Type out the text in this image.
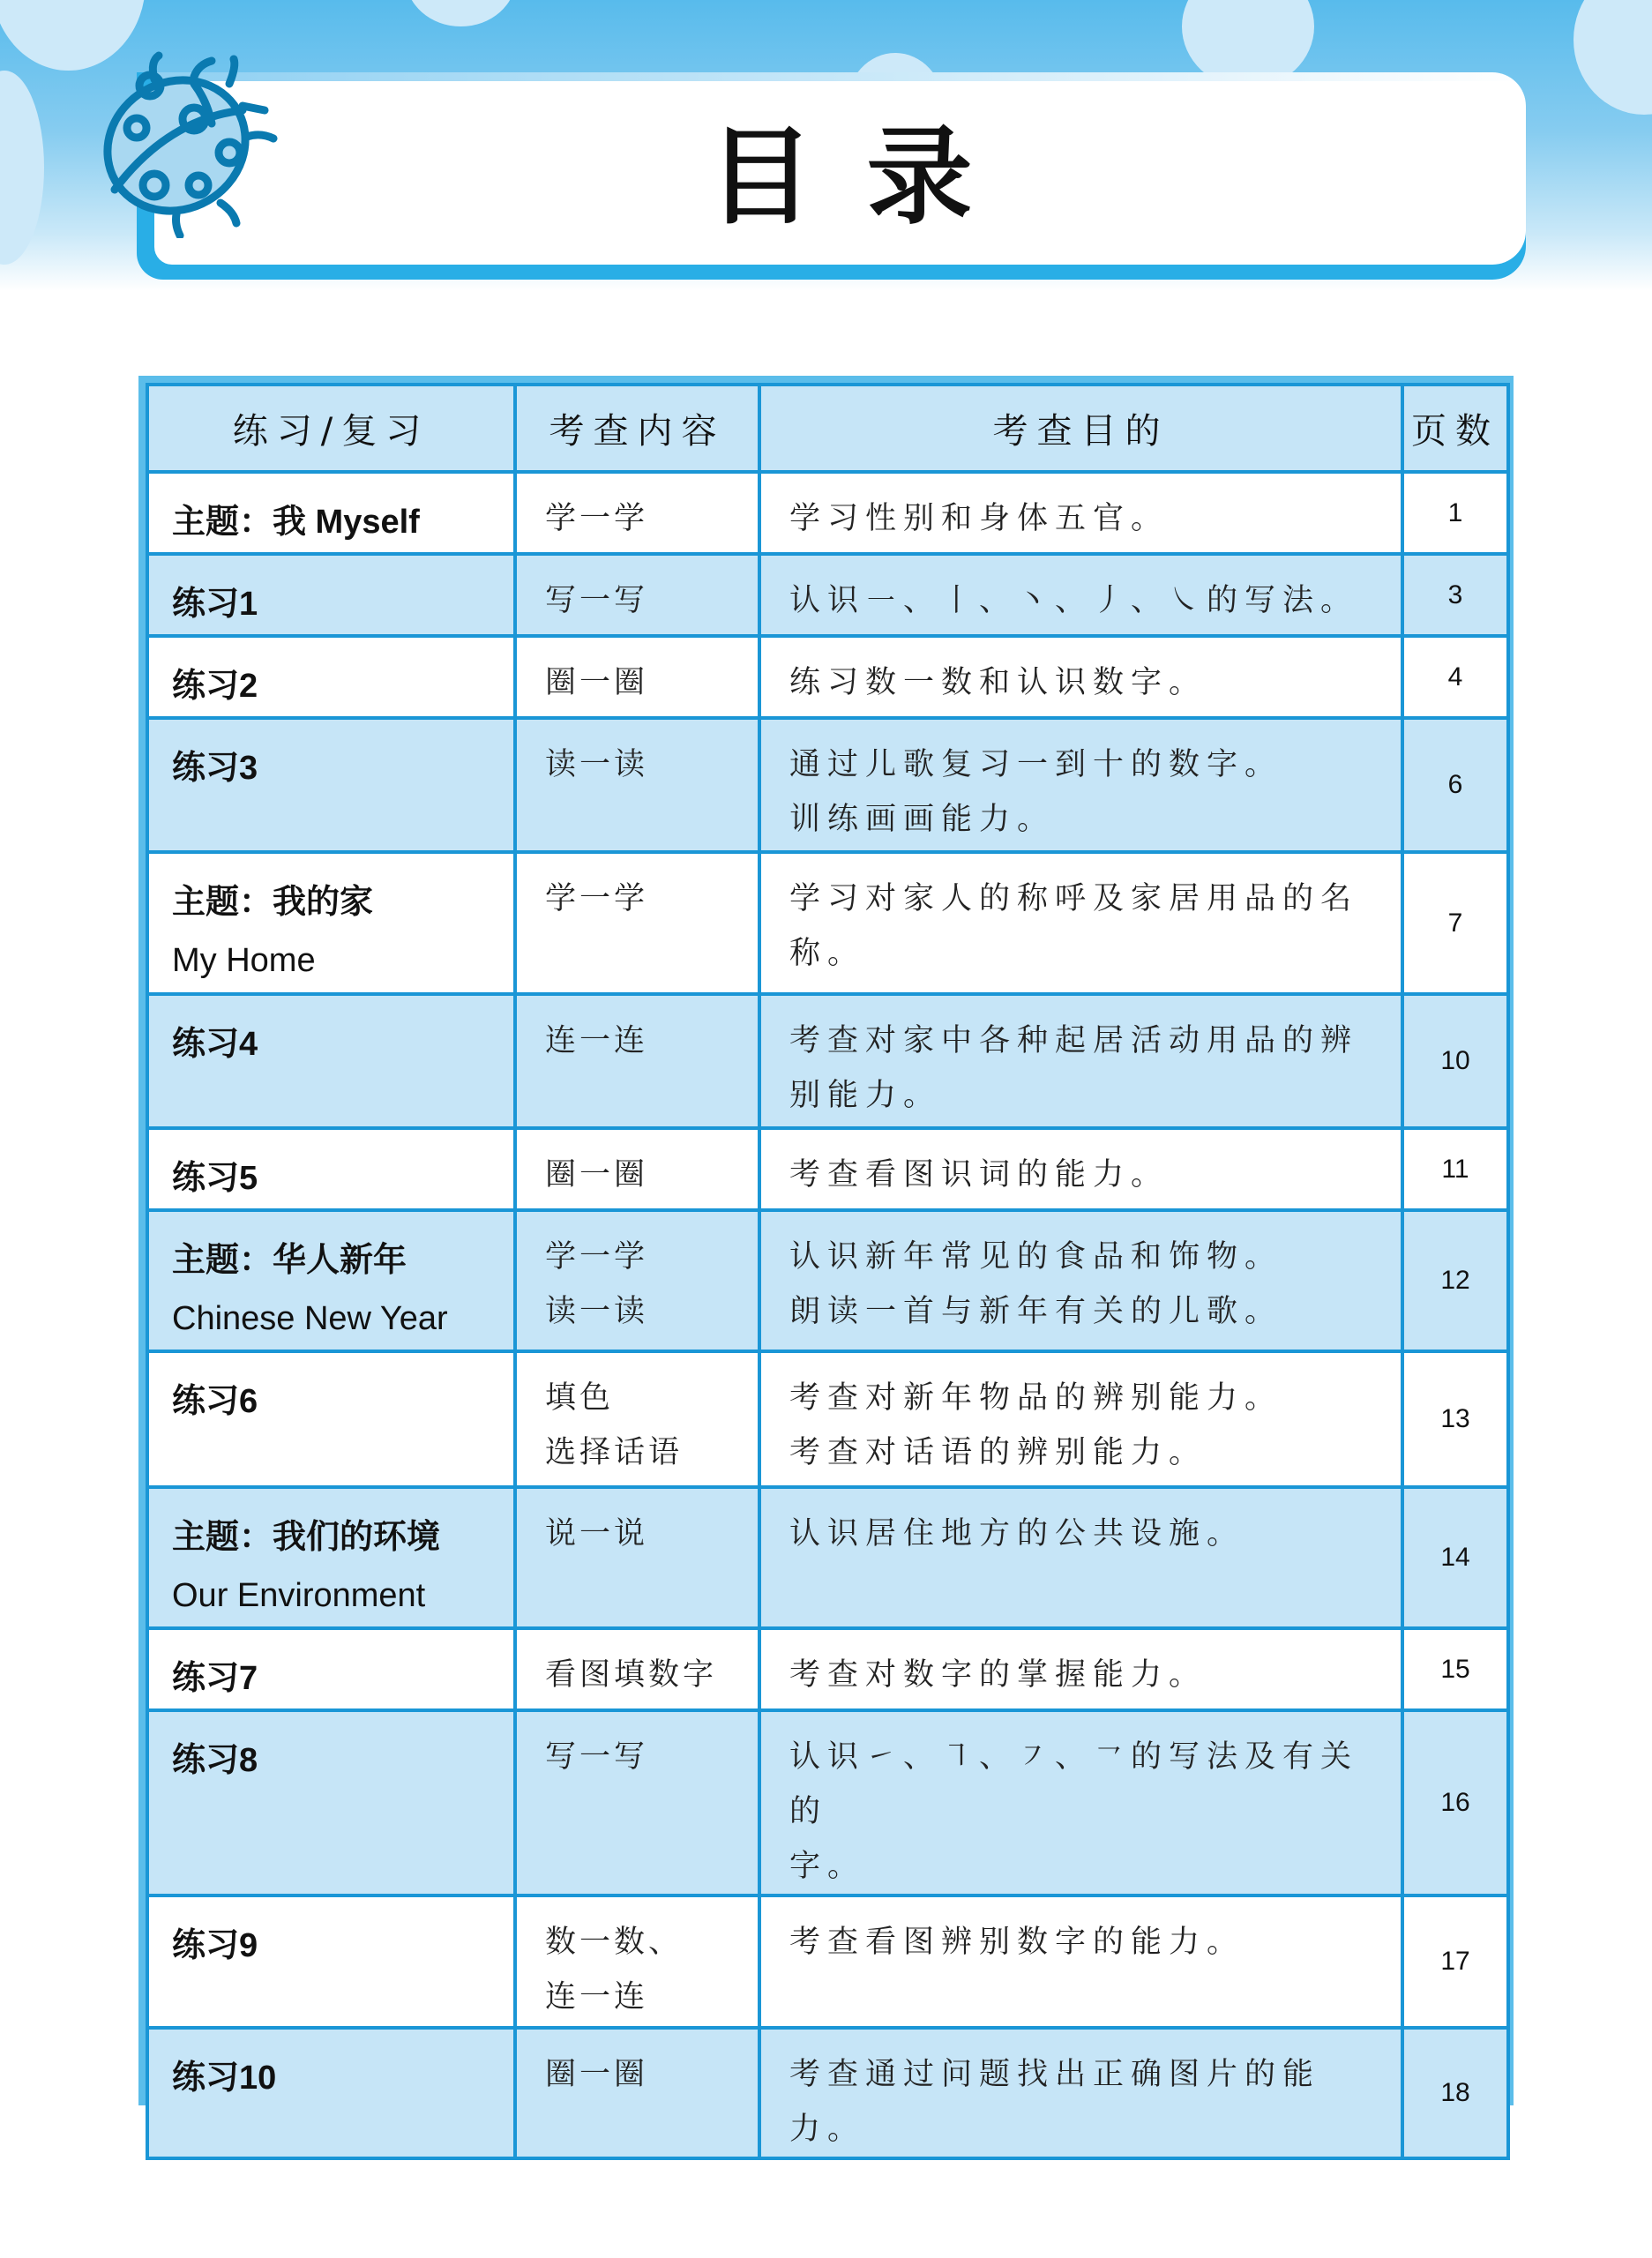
目录
练习/复习	考查内容	考查目的	页数

主题：我 Myself	学一学	学习性别和身体五官。	1

练习1	写一写	认识㇐、丨、丶、丿、㇏的写法。	3

练习2	圈一圈	练习数一数和认识数字。	4

练习3	读一读	通过儿歌复习一到十的数字。
训练画画能力。	6

主题：我的家
My Home	学一学	学习对家人的称呼及家居用品的名
称。	7

练习4	连一连	考查对家中各种起居活动用品的辨
别能力。	10

练习5	圈一圈	考查看图识词的能力。	11

主题：华人新年
Chinese New Year	学一学
读一读	认识新年常见的食品和饰物。
朗读一首与新年有关的儿歌。	12

练习6	填色
选择话语	考查对新年物品的辨别能力。
考查对话语的辨别能力。	13

主题：我们的环境
Our Environment	说一说	认识居住地方的公共设施。	14

练习7	看图填数字	考查对数字的掌握能力。	15

练习8	写一写	认识㇀、㇕、㇇、㇖的写法及有关的
字。	16

练习9	数一数、
连一连	考查看图辨别数字的能力。	17

练习10	圈一圈	考查通过问题找出正确图片的能
力。	18
